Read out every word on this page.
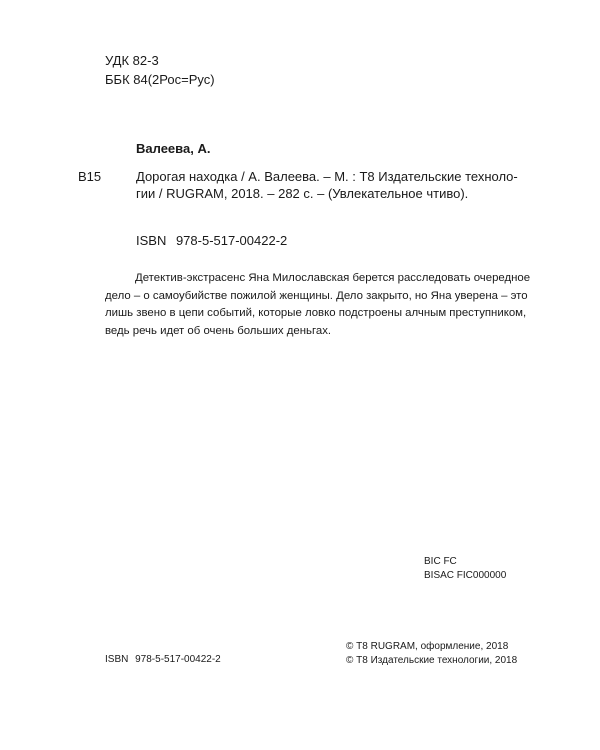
УДК 82-3
ББК 84(2Рос=Рус)
Валеева, А.
В15	Дорогая находка / А. Валеева. – М. : Т8 Издательские техноло-
гии / RUGRAM, 2018. – 282 с. – (Увлекательное чтиво).
ISBN 978-5-517-00422-2
Детектив-экстрасенс Яна Милославская берется расследовать очередное
дело – о самоубийстве пожилой женщины. Дело закрыто, но Яна уверена – это
лишь звено в цепи событий, которые ловко подстроены алчным преступником,
ведь речь идет об очень больших деньгах.
BIC FC
BISAC FIC000000
ISBN 978-5-517-00422-2
© Т8 RUGRAM, оформление, 2018
© Т8 Издательские технологии, 2018
